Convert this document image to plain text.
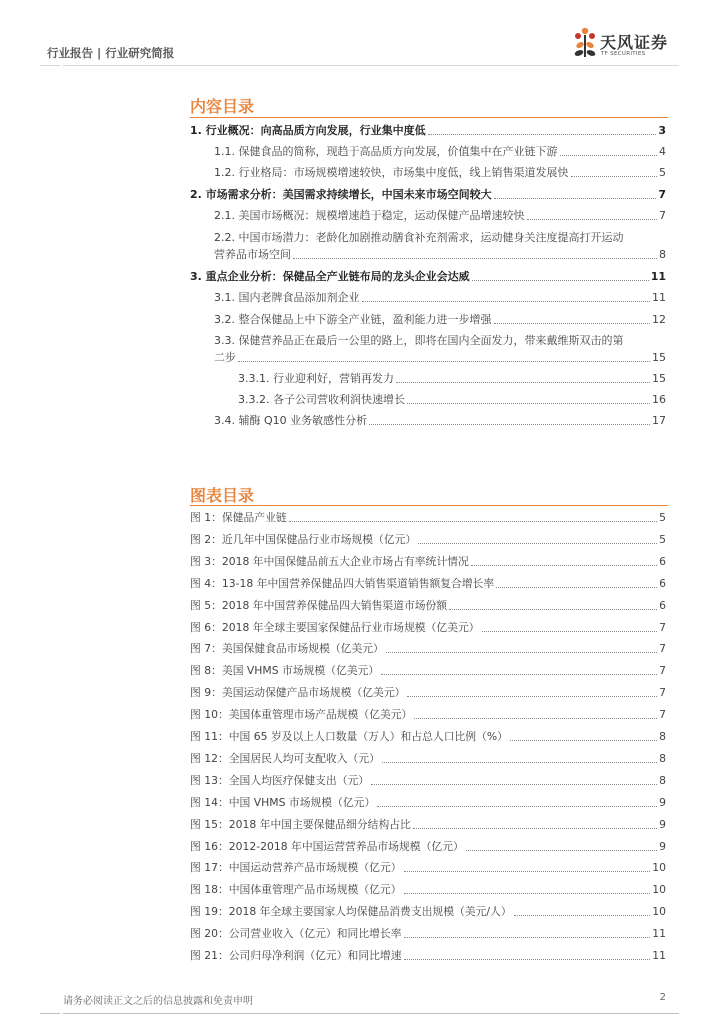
行业报告 | 行业研究简报
天风证券
TF SECURITIES
内容目录
1. 行业概况：向高品质方向发展，行业集中度低	3
1.1. 保健食品的简称，现趋于高品质方向发展，价值集中在产业链下游	4
1.2. 行业格局：市场规模增速较快，市场集中度低，线上销售渠道发展快	5
2. 市场需求分析：美国需求持续增长，中国未来市场空间较大	7
2.1. 美国市场概况：规模增速趋于稳定，运动保健产品增速较快	7
2.2. 中国市场潜力：老龄化加剧推动膳食补充剂需求，运动健身关注度提高打开运动
营养品市场空间	8
3. 重点企业分析：保健品全产业链布局的龙头企业会达威	11
3.1. 国内老牌食品添加剂企业	11
3.2. 整合保健品上中下游全产业链，盈利能力进一步增强	12
3.3. 保健营养品正在最后一公里的路上，即将在国内全面发力，带来戴维斯双击的第
二步	15
3.3.1. 行业迎利好，营销再发力	15
3.3.2. 各子公司营收利润快速增长	16
3.4. 辅酶 Q10 业务敏感性分析	17
图表目录
图 1：保健品产业链	5
图 2：近几年中国保健品行业市场规模（亿元）	5
图 3：2018 年中国保健品前五大企业市场占有率统计情况	6
图 4：13-18 年中国营养保健品四大销售渠道销售额复合增长率	6
图 5：2018 年中国营养保健品四大销售渠道市场份额	6
图 6：2018 年全球主要国家保健品行业市场规模（亿美元）	7
图 7：美国保健食品市场规模（亿美元）	7
图 8：美国 VHMS 市场规模（亿美元）	7
图 9：美国运动保健产品市场规模（亿美元）	7
图 10：美国体重管理市场产品规模（亿美元）	7
图 11：中国 65 岁及以上人口数量（万人）和占总人口比例（%）	8
图 12：全国居民人均可支配收入（元）	8
图 13：全国人均医疗保健支出（元）	8
图 14：中国 VHMS 市场规模（亿元）	9
图 15：2018 年中国主要保健品细分结构占比	9
图 16：2012-2018 年中国运营营养品市场规模（亿元）	9
图 17：中国运动营养产品市场规模（亿元）	10
图 18：中国体重管理产品市场规模（亿元）	10
图 19：2018 年全球主要国家人均保健品消费支出规模（美元/人）	10
图 20：公司营业收入（亿元）和同比增长率	11
图 21：公司归母净利润（亿元）和同比增速	11
请务必阅读正文之后的信息披露和免责申明	2
